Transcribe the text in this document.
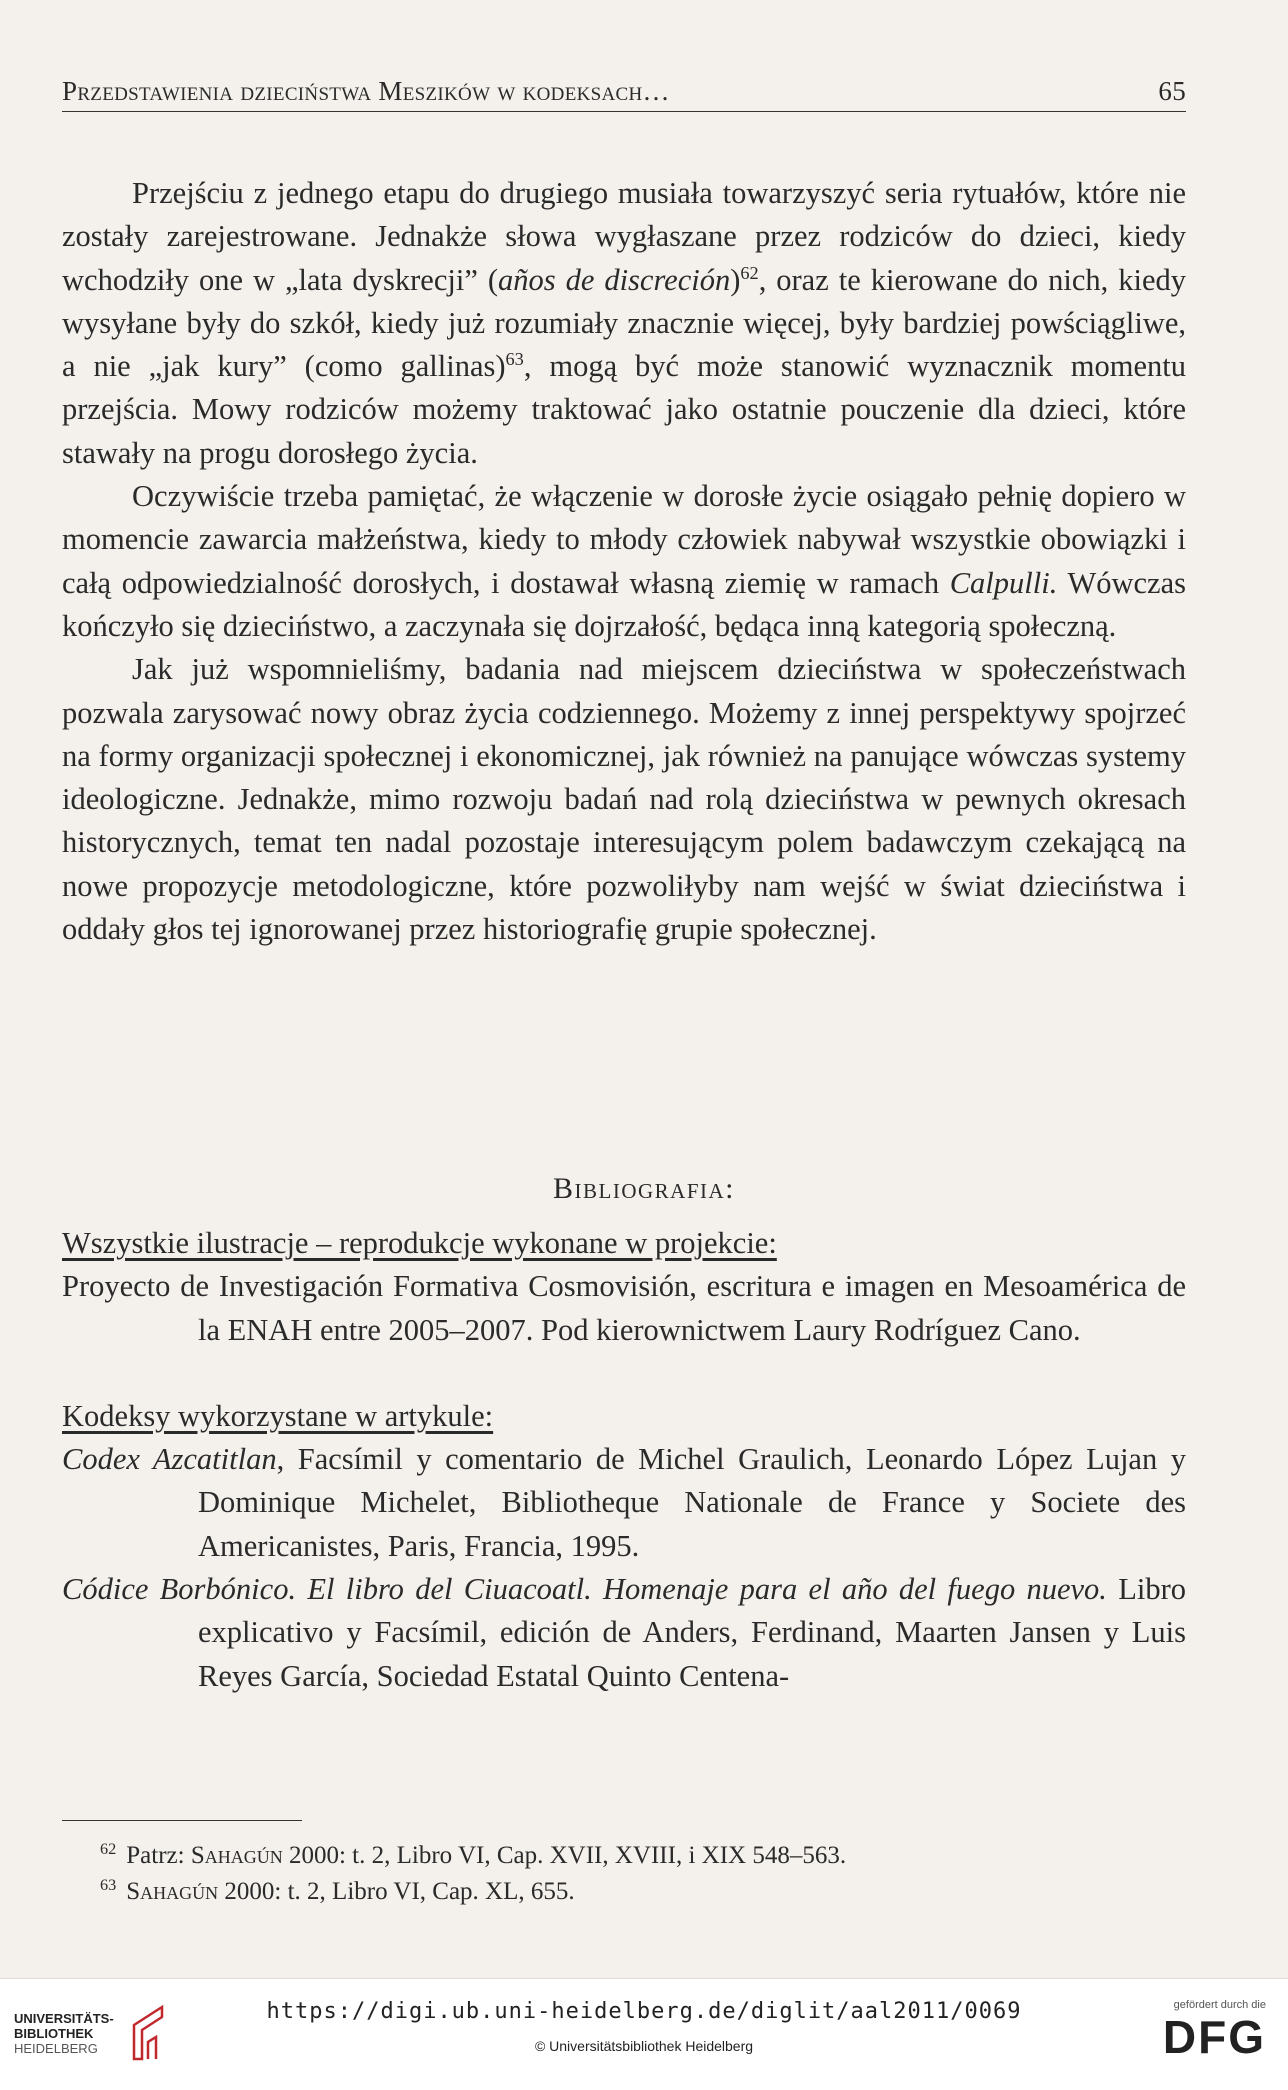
Przedstawienia dzieciństwa Meszików w kodeksach…	65

Przejściu z jednego etapu do drugiego musiała towarzyszyć seria rytuałów, które nie zostały zarejestrowane. Jednakże słowa wygłaszane przez rodziców do dzieci, kiedy wchodziły one w „lata dyskrecji” (años de discreción)$^{62}$, oraz te kierowane do nich, kiedy wysyłane były do szkół, kiedy już rozumiały znacznie więcej, były bardziej powściągliwe, a nie „jak kury” (como gallinas)$^{63}$, mogą być może stanowić wyznacznik momentu przejścia. Mowy rodziców możemy traktować jako ostatnie pouczenie dla dzieci, które stawały na progu dorosłego życia.

Oczywiście trzeba pamiętać, że włączenie w dorosłe życie osiągało pełnię dopiero w momencie zawarcia małżeństwa, kiedy to młody człowiek nabywał wszystkie obowiązki i całą odpowiedzialność dorosłych, i dostawał własną ziemię w ramach Calpulli. Wówczas kończyło się dzieciństwo, a zaczynała się dojrzałość, będąca inną kategorią społeczną.

Jak już wspomnieliśmy, badania nad miejscem dzieciństwa w społeczeństwach pozwala zarysować nowy obraz życia codziennego. Możemy z innej perspektywy spojrzeć na formy organizacji społecznej i ekonomicznej, jak również na panujące wówczas systemy ideologiczne. Jednakże, mimo rozwoju badań nad rolą dzieciństwa w pewnych okresach historycznych, temat ten nadal pozostaje interesującym polem badawczym czekającą na nowe propozycje metodologiczne, które pozwoliłyby nam wejść w świat dzieciństwa i oddały głos tej ignorowanej przez historiografię grupie społecznej.

Bibliografia:

Wszystkie ilustracje – reprodukcje wykonane w projekcie:

Proyecto de Investigación Formativa Cosmovisión, escritura e imagen en Mesoamérica de la ENAH entre 2005–2007. Pod kierownictwem Laury Rodríguez Cano.

Kodeksy wykorzystane w artykule:

Codex Azcatitlan, Facsímil y comentario de Michel Graulich, Leonardo López Lujan y Dominique Michelet, Bibliotheque Nationale de France y Societe des Americanistes, Paris, Francia, 1995.

Códice Borbónico. El libro del Ciuacoatl. Homenaje para el año del fuego nuevo. Libro explicativo y Facsímil, edición de Anders, Ferdinand, Maarten Jansen y Luis Reyes García, Sociedad Estatal Quinto Centena-

$^{62}$ Patrz: Sahagún 2000: t. 2, Libro VI, Cap. XVII, XVIII, i XIX 548–563.

$^{63}$ Sahagún 2000: t. 2, Libro VI, Cap. XL, 655.

UNIVERSITÄTS-
BIBLIOTHEK
HEIDELBERG
https://digi.ub.uni-heidelberg.de/diglit/aal2011/0069
© Universitätsbibliothek Heidelberg
gefördert durch die
DFG
